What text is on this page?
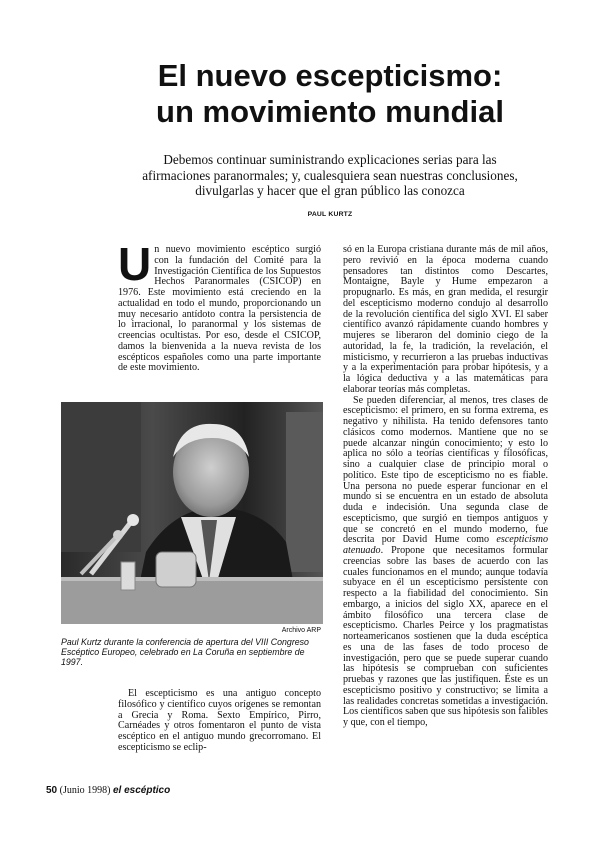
El nuevo escepticismo:
un movimiento mundial

Debemos continuar suministrando explicaciones serias para las afirmaciones paranormales; y, cualesquiera sean nuestras conclusiones, divulgarlas y hacer que el gran público las conozca

PAUL KURTZ
Un nuevo movimiento escéptico surgió con la fundación del Comité para la Investigación Científica de los Supuestos Hechos Paranormales (CSICOP) en 1976. Este movimiento está creciendo en la actualidad en todo el mundo, proporcionando un muy necesario antídoto contra la persistencia de lo irracional, lo paranormal y los sistemas de creencias ocultistas. Por eso, desde el CSICOP, damos la bienvenida a la nueva revista de los escépticos españoles como una parte importante de este movimiento.
Archivo ARP
Paul Kurtz durante la conferencia de apertura del VIII Congreso Escéptico Europeo, celebrado en La Coruña en septiembre de 1997.

El escepticismo es una antiguo concepto filosófico y científico cuyos orígenes se remontan a Grecia y Roma. Sexto Empírico, Pirro, Carnéades y otros fomentaron el punto de vista escéptico en el antiguo mundo grecorromano. El escepticismo se eclip-

só en la Europa cristiana durante más de mil años, pero revivió en la época moderna cuando pensadores tan distintos como Descartes, Montaigne, Bayle y Hume empezaron a propugnarlo. Es más, en gran medida, el resurgir del escepticismo moderno condujo al desarrollo de la revolución científica del siglo XVI. El saber científico avanzó rápidamente cuando hombres y mujeres se liberaron del dominio ciego de la autoridad, la fe, la tradición, la revelación, el misticismo, y recurrieron a las pruebas inductivas y a la experimentación para probar hipótesis, y a la lógica deductiva y a las matemáticas para elaborar teorías más completas.

Se pueden diferenciar, al menos, tres clases de escepticismo: el primero, en su forma extrema, es negativo y nihilista. Ha tenido defensores tanto clásicos como modernos. Mantiene que no se puede alcanzar ningún conocimiento; y esto lo aplica no sólo a teorías científicas y filosóficas, sino a cualquier clase de principio moral o político. Este tipo de escepticismo no es fiable. Una persona no puede esperar funcionar en el mundo si se encuentra en un estado de absoluta duda e indecisión. Una segunda clase de escepticismo, que surgió en tiempos antiguos y que se concretó en el mundo moderno, fue descrita por David Hume como escepticismo atenuado. Propone que necesitamos formular creencias sobre las bases de acuerdo con las cuales funcionamos en el mundo; aunque todavía subyace en él un escepticismo persistente con respecto a la fiabilidad del conocimiento. Sin embargo, a inicios del siglo XX, aparece en el ámbito filosófico una tercera clase de escepticismo. Charles Peirce y los pragmatistas norteamericanos sostienen que la duda escéptica es una de las fases de todo proceso de investigación, pero que se puede superar cuando las hipótesis se comprueban con suficientes pruebas y razones que las justifiquen. Éste es un escepticismo positivo y constructivo; se limita a las realidades concretas sometidas a investigación. Los científicos saben que sus hipótesis son falibles y que, con el tiempo,

50 (Junio 1998) el escéptico
